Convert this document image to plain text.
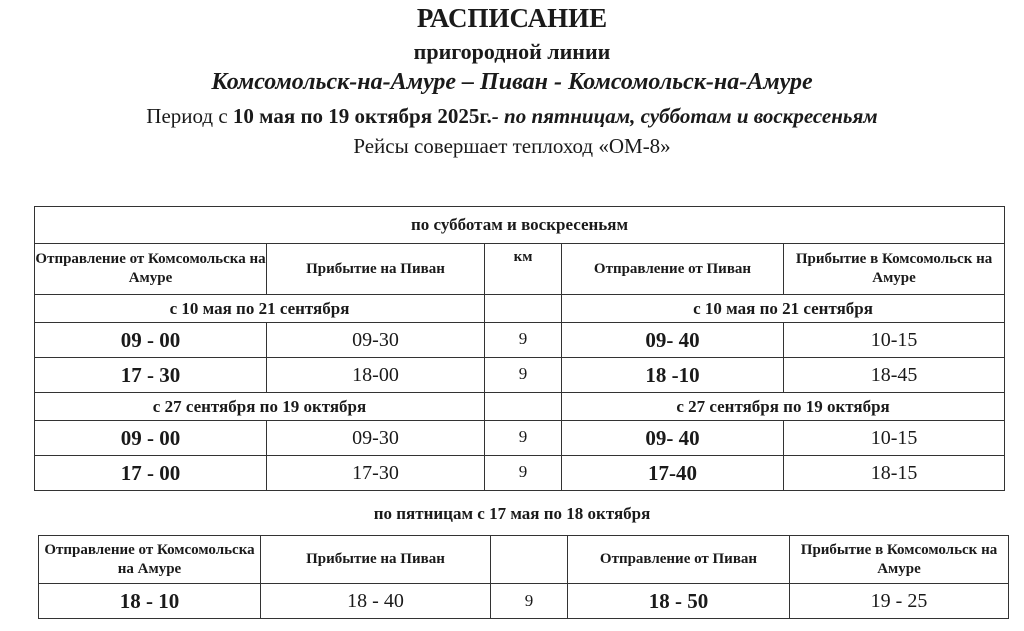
РАСПИСАНИЕ
пригородной линии
Комсомольск-на-Амуре – Пиван - Комсомольск-на-Амуре
Период с 10 мая по 19 октября 2025г.- по пятницам, субботам и воскресеньям
Рейсы совершает теплоход «ОМ-8»
по субботам и воскресеньям				
Отправление от Комсомольска на Амуре	Прибытие на Пиван	км	Отправление от Пиван	Прибытие в Комсомольск на Амуре
с 10 мая по 21 сентября			с 10 мая по 21 сентября	
09 - 00	09-30	9	09- 40	10-15
17 - 30	18-00	9	18 -10	18-45
с 27 сентября по 19 октября			с 27 сентября по 19 октября	
09 - 00	09-30	9	09- 40	10-15
17 - 00	17-30	9	17-40	18-15
по пятницам с 17 мая по 18 октября
Отправление от Комсомольска на Амуре	Прибытие на Пиван		Отправление от Пиван	Прибытие в Комсомольск на Амуре
18 - 10	18 - 40	9	18 - 50	19 - 25
